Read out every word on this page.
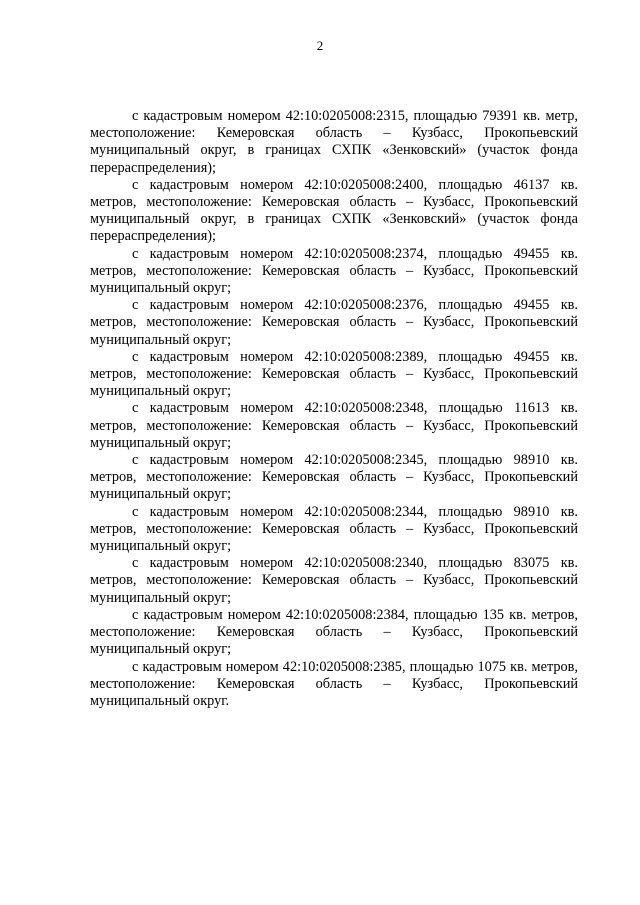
2

с кадастровым номером 42:10:0205008:2315, площадью 79391 кв. метр, местоположение: Кемеровская область – Кузбасс, Прокопьевский муниципальный округ, в границах СХПК «Зенковский» (участок фонда перераспределения);

с кадастровым номером 42:10:0205008:2400, площадью 46137 кв. метров, местоположение: Кемеровская область – Кузбасс, Прокопьевский муниципальный округ, в границах СХПК «Зенковский» (участок фонда перераспределения);

с кадастровым номером 42:10:0205008:2374, площадью 49455 кв. метров, местоположение: Кемеровская область – Кузбасс, Прокопьевский муниципальный округ;

с кадастровым номером 42:10:0205008:2376, площадью 49455 кв. метров, местоположение: Кемеровская область – Кузбасс, Прокопьевский муниципальный округ;

с кадастровым номером 42:10:0205008:2389, площадью 49455 кв. метров, местоположение: Кемеровская область – Кузбасс, Прокопьевский муниципальный округ;

с кадастровым номером 42:10:0205008:2348, площадью 11613 кв. метров, местоположение: Кемеровская область – Кузбасс, Прокопьевский муниципальный округ;

с кадастровым номером 42:10:0205008:2345, площадью 98910 кв. метров, местоположение: Кемеровская область – Кузбасс, Прокопьевский муниципальный округ;

с кадастровым номером 42:10:0205008:2344, площадью 98910 кв. метров, местоположение: Кемеровская область – Кузбасс, Прокопьевский муниципальный округ;

с кадастровым номером 42:10:0205008:2340, площадью 83075 кв. метров, местоположение: Кемеровская область – Кузбасс, Прокопьевский муниципальный округ;

с кадастровым номером 42:10:0205008:2384, площадью 135 кв. метров, местоположение: Кемеровская область – Кузбасс, Прокопьевский муниципальный округ;

с кадастровым номером 42:10:0205008:2385, площадью 1075 кв. метров, местоположение: Кемеровская область – Кузбасс, Прокопьевский муниципальный округ.
